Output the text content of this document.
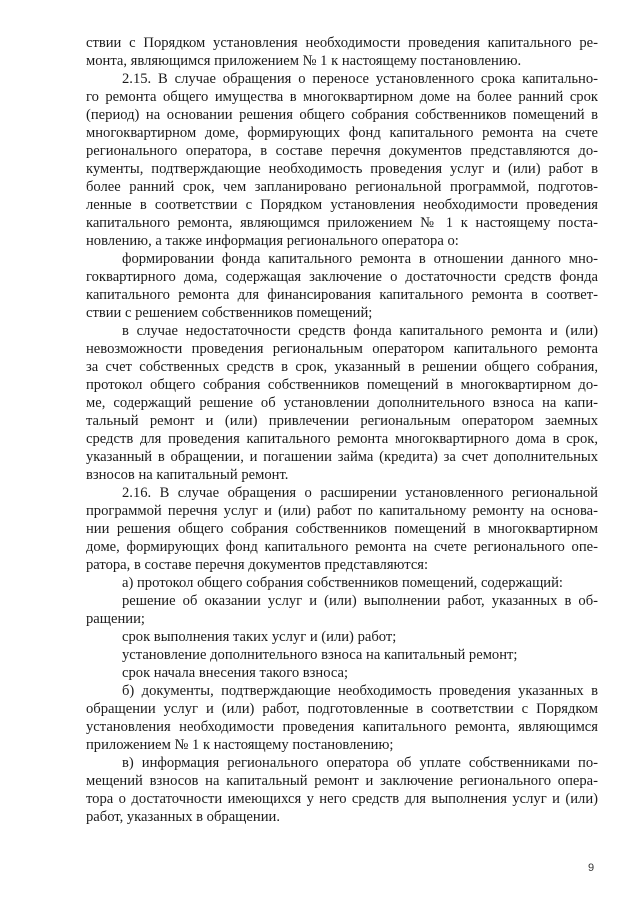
ствии с Порядком установления необходимости проведения капитального ре-
монта, являющимся приложением № 1 к настоящему постановлению.
2.15. В случае обращения о переносе установленного срока капитально-
го ремонта общего имущества в многоквартирном доме на более ранний срок
(период) на основании решения общего собрания собственников помещений в
многоквартирном доме, формирующих фонд капитального ремонта на счете
регионального оператора, в составе перечня документов представляются до-
кументы, подтверждающие необходимость проведения услуг и (или) работ в
более ранний срок, чем запланировано региональной программой, подготов-
ленные в соответствии с Порядком установления необходимости проведения
капитального ремонта, являющимся приложением № 1 к настоящему поста-
новлению, а также информация регионального оператора о:
формировании фонда капитального ремонта в отношении данного мно-
гоквартирного дома, содержащая заключение о достаточности средств фонда
капитального ремонта для финансирования капитального ремонта в соответ-
ствии с решением собственников помещений;
в случае недостаточности средств фонда капитального ремонта и (или)
невозможности проведения региональным оператором капитального ремонта
за счет собственных средств в срок, указанный в решении общего собрания,
протокол общего собрания собственников помещений в многоквартирном до-
ме, содержащий решение об установлении дополнительного взноса на капи-
тальный ремонт и (или) привлечении региональным оператором заемных
средств для проведения капитального ремонта многоквартирного дома в срок,
указанный в обращении, и погашении займа (кредита) за счет дополнительных
взносов на капитальный ремонт.
2.16. В случае обращения о расширении установленного региональной
программой перечня услуг и (или) работ по капитальному ремонту на основа-
нии решения общего собрания собственников помещений в многоквартирном
доме, формирующих фонд капитального ремонта на счете регионального опе-
ратора, в составе перечня документов представляются:
а) протокол общего собрания собственников помещений, содержащий:
решение об оказании услуг и (или) выполнении работ, указанных в об-
ращении;
срок выполнения таких услуг и (или) работ;
установление дополнительного взноса на капитальный ремонт;
срок начала внесения такого взноса;
б) документы, подтверждающие необходимость проведения указанных в
обращении услуг и (или) работ, подготовленные в соответствии с Порядком
установления необходимости проведения капитального ремонта, являющимся
приложением № 1 к настоящему постановлению;
в) информация регионального оператора об уплате собственниками по-
мещений взносов на капитальный ремонт и заключение регионального опера-
тора о достаточности имеющихся у него средств для выполнения услуг и (или)
работ, указанных в обращении.
9
